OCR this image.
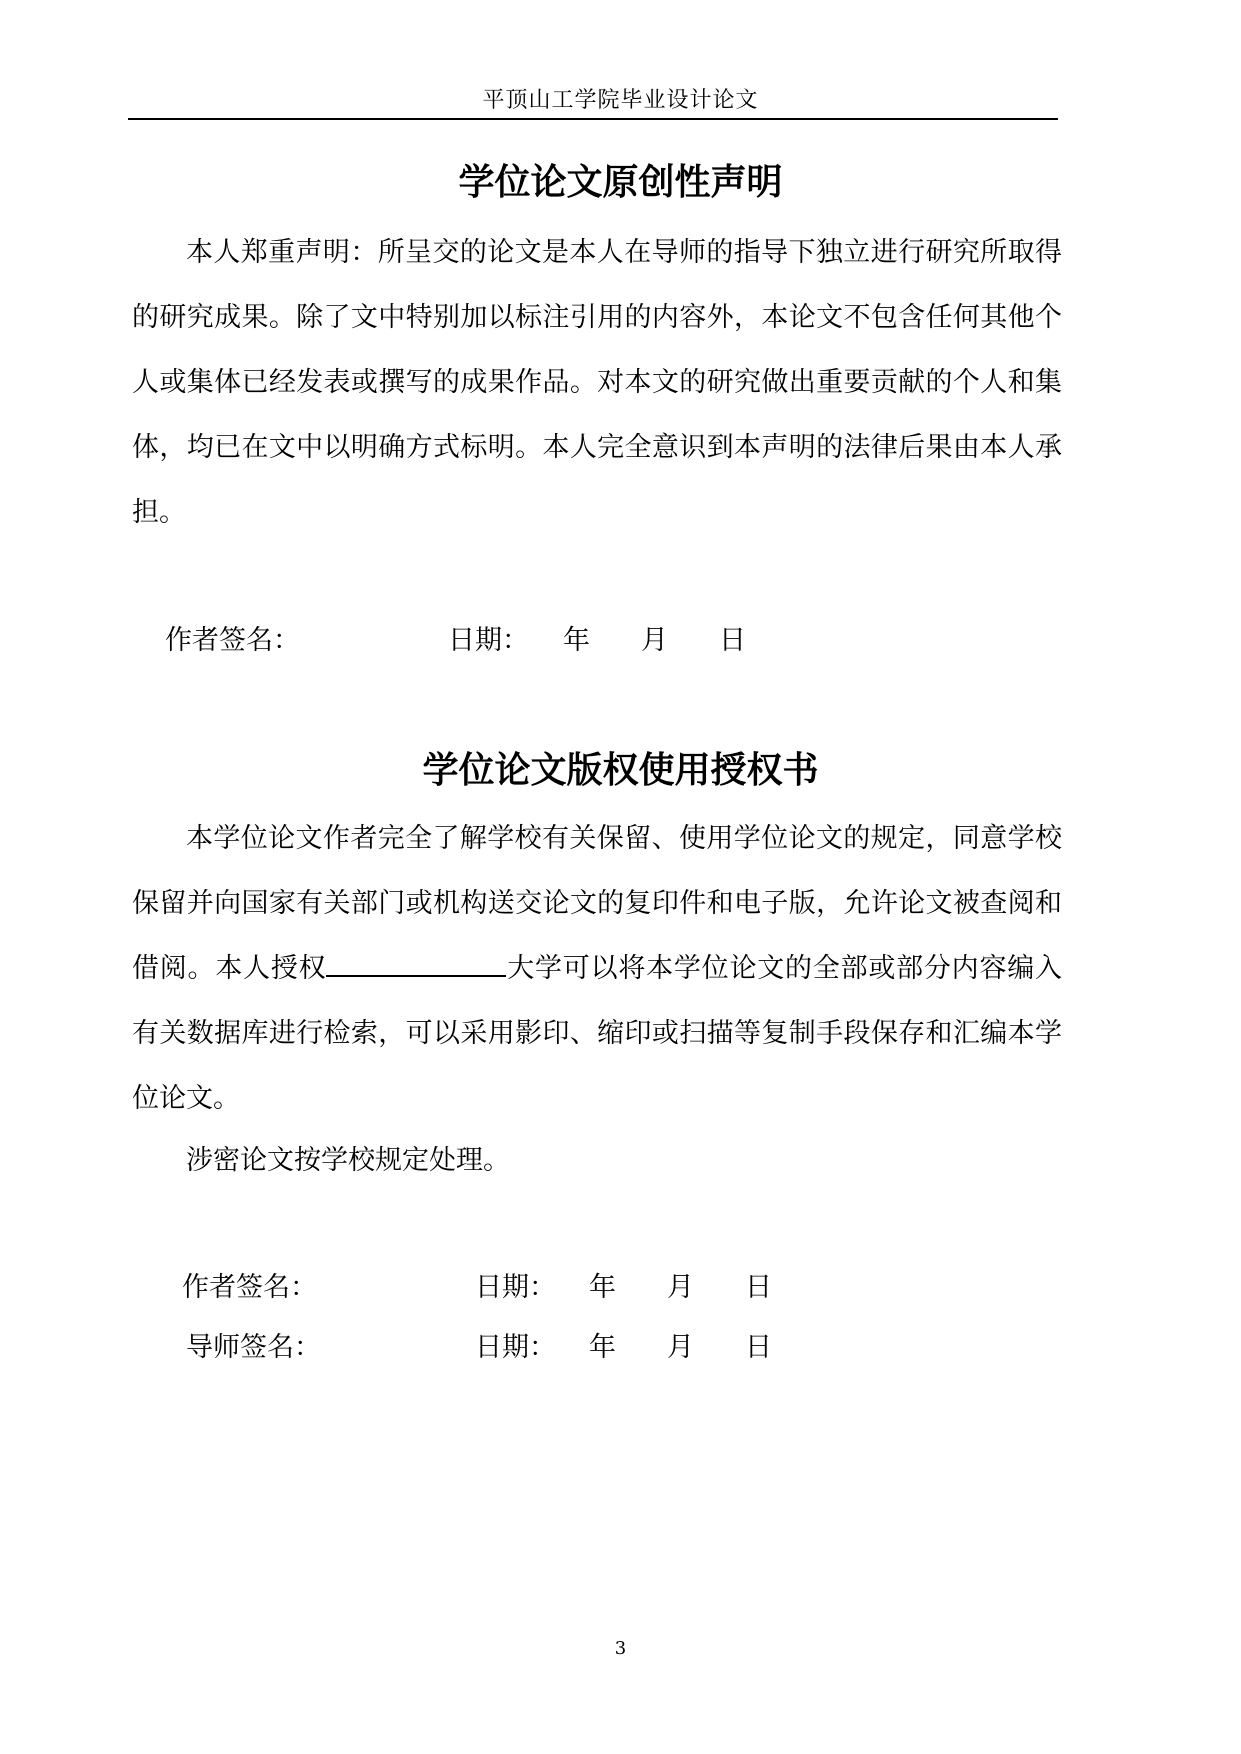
平顶山工学院毕业设计论文
学位论文原创性声明

本人郑重声明：所呈交的论文是本人在导师的指导下独立进行研究所取得的研究成果。除了文中特别加以标注引用的内容外，本论文不包含任何其他个人或集体已经发表或撰写的成果作品。对本文的研究做出重要贡献的个人和集体，均已在文中以明确方式标明。本人完全意识到本声明的法律后果由本人承担。

作者签名：	日期： 年 月 日
学位论文版权使用授权书

本学位论文作者完全了解学校有关保留、使用学位论文的规定，同意学校保留并向国家有关部门或机构送交论文的复印件和电子版，允许论文被查阅和借阅。本人授权	大学可以将本学位论文的全部或部分内容编入有关数据库进行检索，可以采用影印、缩印或扫描等复制手段保存和汇编本学位论文。

涉密论文按学校规定处理。

作者签名：	日期： 年 月 日
导师签名：	日期： 年 月 日
3
